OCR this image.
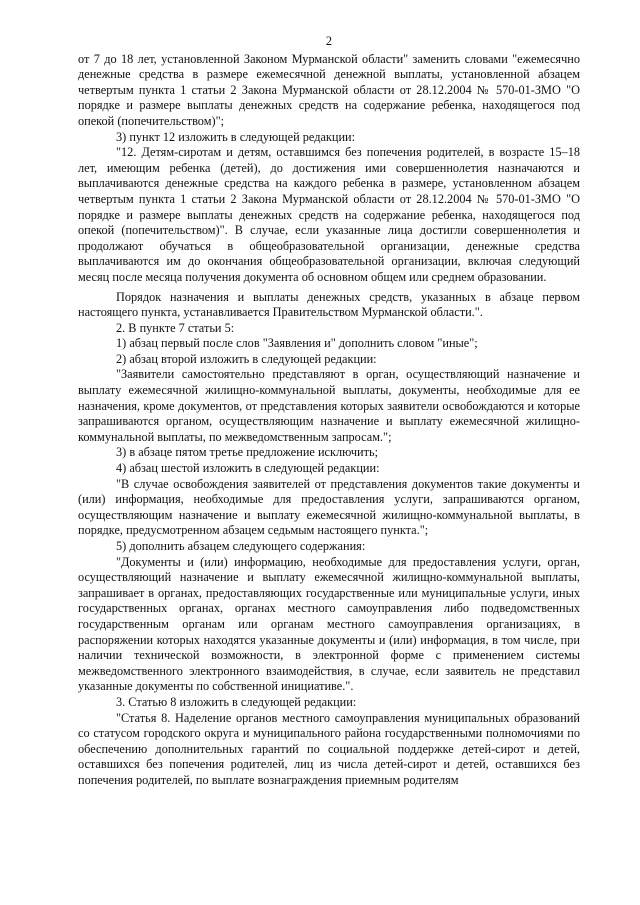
2

от 7 до 18 лет, установленной Законом Мурманской области" заменить словами "ежемесячно денежные средства в размере ежемесячной денежной выплаты, установленной абзацем четвертым пункта 1 статьи 2 Закона Мурманской области от 28.12.2004 № 570-01-ЗМО "О порядке и размере выплаты денежных средств на содержание ребенка, находящегося под опекой (попечительством)";

3) пункт 12 изложить в следующей редакции:

"12. Детям-сиротам и детям, оставшимся без попечения родителей, в возрасте 15–18 лет, имеющим ребенка (детей), до достижения ими совершеннолетия назначаются и выплачиваются денежные средства на каждого ребенка в размере, установленном абзацем четвертым пункта 1 статьи 2 Закона Мурманской области от 28.12.2004 № 570-01-ЗМО "О порядке и размере выплаты денежных средств на содержание ребенка, находящегося под опекой (попечительством)". В случае, если указанные лица достигли совершеннолетия и продолжают обучаться в общеобразовательной организации, денежные средства выплачиваются им до окончания общеобразовательной организации, включая следующий месяц после месяца получения документа об основном общем или среднем образовании.

Порядок назначения и выплаты денежных средств, указанных в абзаце первом настоящего пункта, устанавливается Правительством Мурманской области.".

2. В пункте 7 статьи 5:

1) абзац первый после слов "Заявления и" дополнить словом "иные";

2) абзац второй изложить в следующей редакции:

"Заявители самостоятельно представляют в орган, осуществляющий назначение и выплату ежемесячной жилищно-коммунальной выплаты, документы, необходимые для ее назначения, кроме документов, от представления которых заявители освобождаются и которые запрашиваются органом, осуществляющим назначение и выплату ежемесячной жилищно-коммунальной выплаты, по межведомственным запросам.";

3) в абзаце пятом третье предложение исключить;

4) абзац шестой изложить в следующей редакции:

"В случае освобождения заявителей от представления документов такие документы и (или) информация, необходимые для предоставления услуги, запрашиваются органом, осуществляющим назначение и выплату ежемесячной жилищно-коммунальной выплаты, в порядке, предусмотренном абзацем седьмым настоящего пункта.";

5) дополнить абзацем следующего содержания:

"Документы и (или) информацию, необходимые для предоставления услуги, орган, осуществляющий назначение и выплату ежемесячной жилищно-коммунальной выплаты, запрашивает в органах, предоставляющих государственные или муниципальные услуги, иных государственных органах, органах местного самоуправления либо подведомственных государственным органам или органам местного самоуправления организациях, в распоряжении которых находятся указанные документы и (или) информация, в том числе, при наличии технической возможности, в электронной форме с применением системы межведомственного электронного взаимодействия, в случае, если заявитель не представил указанные документы по собственной инициативе.".

3. Статью 8 изложить в следующей редакции:

"Статья 8. Наделение органов местного самоуправления муниципальных образований со статусом городского округа и муниципального района государственными полномочиями по обеспечению дополнительных гарантий по социальной поддержке детей-сирот и детей, оставшихся без попечения родителей, лиц из числа детей-сирот и детей, оставшихся без попечения родителей, по выплате вознаграждения приемным родителям
